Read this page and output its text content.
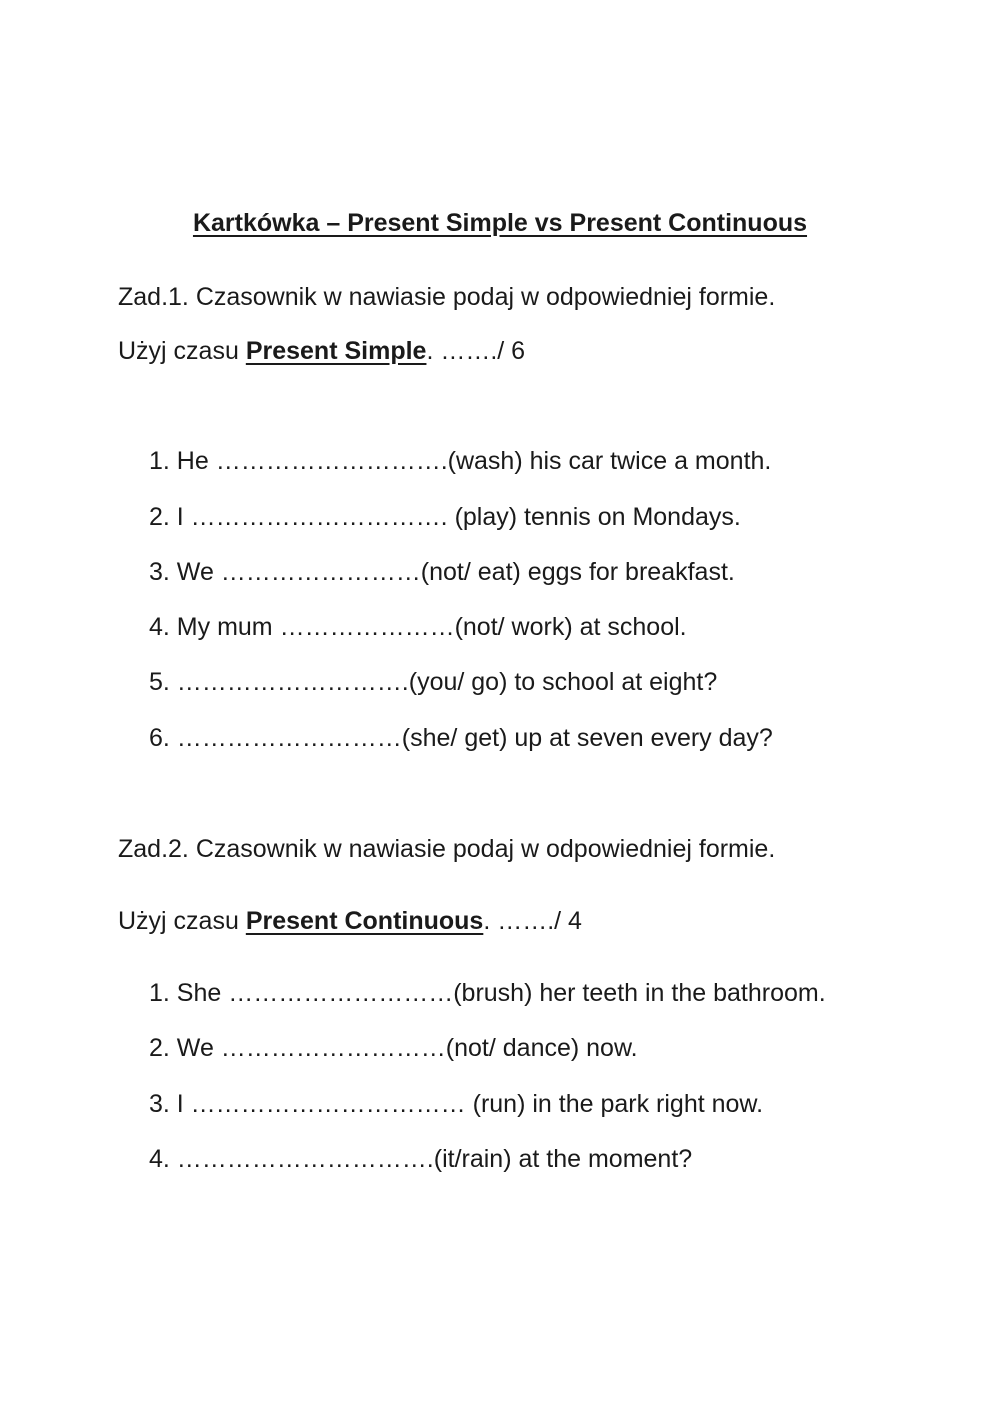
Kartkówka – Present Simple vs Present Continuous
Zad.1. Czasownik w nawiasie podaj w odpowiedniej formie.
Użyj czasu Present Simple. ……./ 6
1. He ……………………….(wash) his car twice a month.
2. I …………………………. (play) tennis on Mondays.
3. We ……………………(not/ eat) eggs for breakfast.
4. My mum …………………(not/ work) at school.
5. ……………………….(you/ go) to school at eight?
6. ………………………(she/ get) up at seven every day?
Zad.2. Czasownik w nawiasie podaj w odpowiedniej formie.
Użyj czasu Present Continuous. ……./ 4
1. She ………………………(brush) her teeth in the bathroom.
2. We ………………………(not/ dance) now.
3. I …………………………… (run) in the park right now.
4. ………………………….(it/rain) at the moment?
